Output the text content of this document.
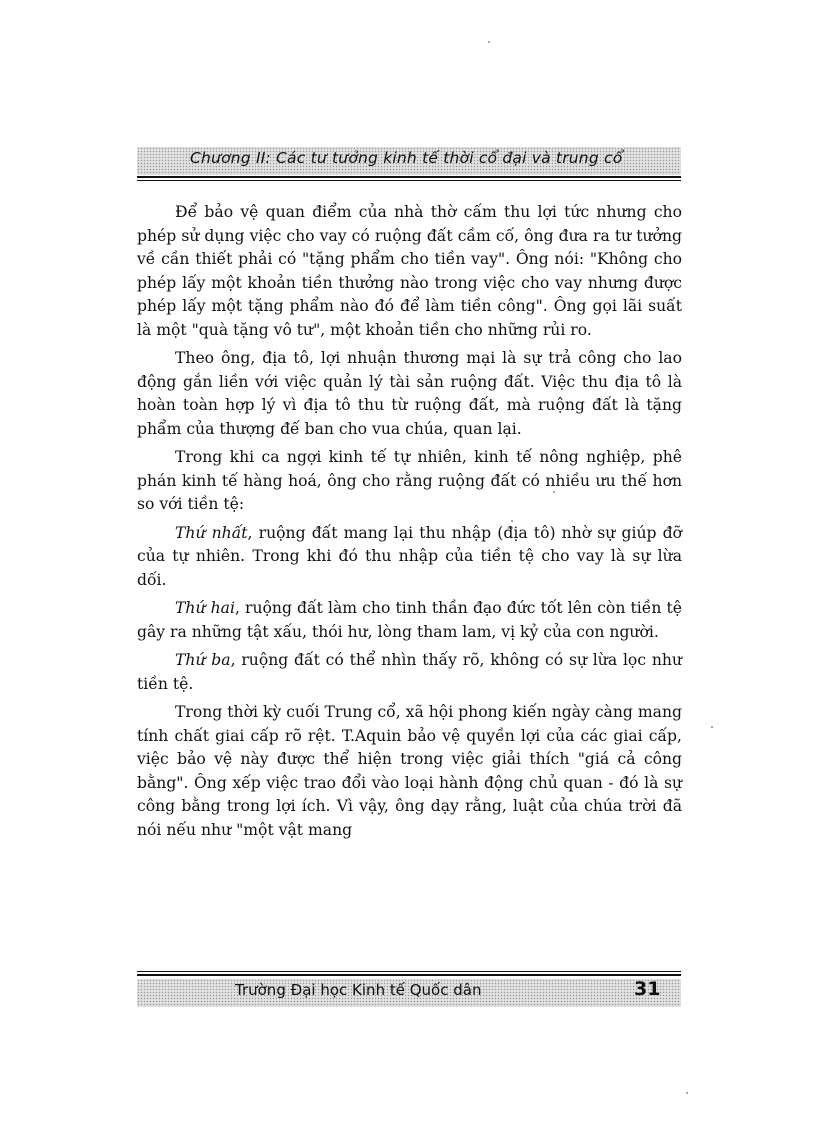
Chương II: Các tư tưởng kinh tế thời cổ đại và trung cổ

Để bảo vệ quan điểm của nhà thờ cấm thu lợi tức nhưng cho phép sử dụng việc cho vay có ruộng đất cầm cố, ông đưa ra tư tưởng về cần thiết phải có "tặng phẩm cho tiền vay". Ông nói: "Không cho phép lấy một khoản tiền thưởng nào trong việc cho vay nhưng được phép lấy một tặng phẩm nào đó để làm tiền công". Ông gọi lãi suất là một "quà tặng vô tư", một khoản tiền cho những rủi ro.

Theo ông, địa tô, lợi nhuận thương mại là sự trả công cho lao động gắn liền với việc quản lý tài sản ruộng đất. Việc thu địa tô là hoàn toàn hợp lý vì địa tô thu từ ruộng đất, mà ruộng đất là tặng phẩm của thượng đế ban cho vua chúa, quan lại.

Trong khi ca ngợi kinh tế tự nhiên, kinh tế nông nghiệp, phê phán kinh tế hàng hoá, ông cho rằng ruộng đất có nhiều ưu thế hơn so với tiền tệ:

Thứ nhất, ruộng đất mang lại thu nhập (địa tô) nhờ sự giúp đỡ của tự nhiên. Trong khi đó thu nhập của tiền tệ cho vay là sự lừa dối.

Thứ hai, ruộng đất làm cho tinh thần đạo đức tốt lên còn tiền tệ gây ra những tật xấu, thói hư, lòng tham lam, vị kỷ của con người.

Thứ ba, ruộng đất có thể nhìn thấy rõ, không có sự lừa lọc như tiền tệ.

Trong thời kỳ cuối Trung cổ, xã hội phong kiến ngày càng mang tính chất giai cấp rõ rệt. T.Aquin bảo vệ quyền lợi của các giai cấp, việc bảo vệ này được thể hiện trong việc giải thích "giá cả công bằng". Ông xếp việc trao đổi vào loại hành động chủ quan - đó là sự công bằng trong lợi ích. Vì vậy, ông dạy rằng, luật của chúa trời đã nói nếu như "một vật mang

Trường Đại học Kinh tế Quốc dân	31
